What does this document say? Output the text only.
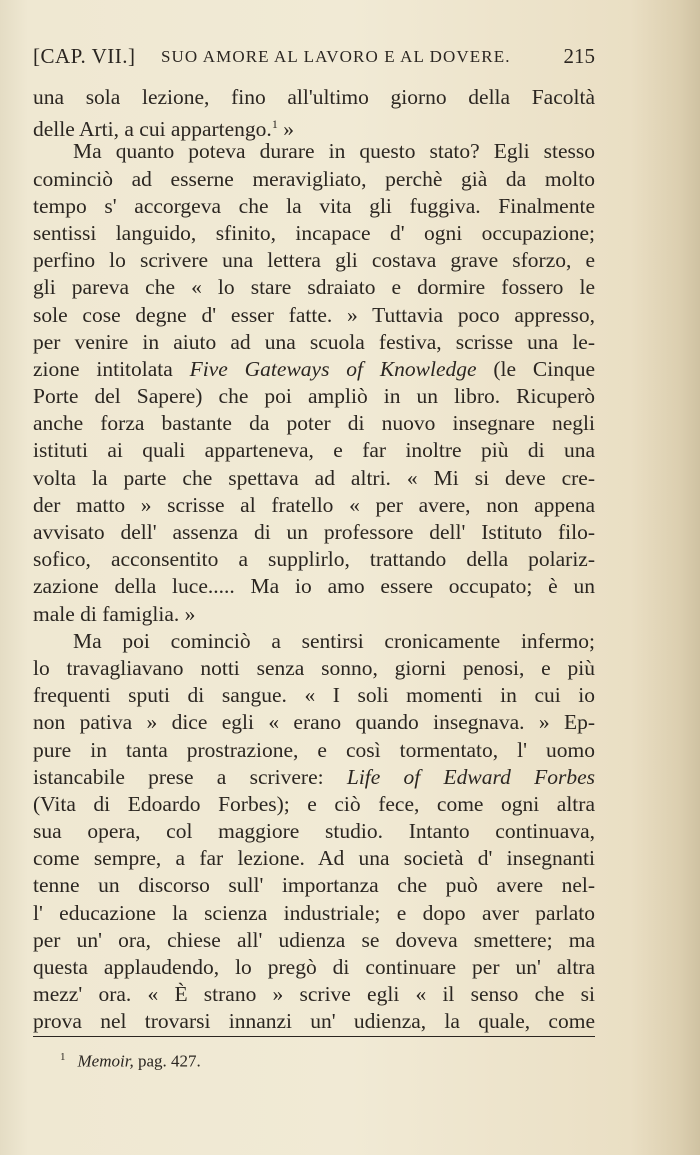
[CAP. VII.] SUO AMORE AL LAVORO E AL DOVERE.	215
una sola lezione, fino all'ultimo giorno della Facoltà
delle Arti, a cui appartengo.$^1$ »
Ma quanto poteva durare in questo stato? Egli stesso
cominciò ad esserne meravigliato, perchè già da molto
tempo s' accorgeva che la vita gli fuggiva. Finalmente
sentissi languido, sfinito, incapace d' ogni occupazione;
perfino lo scrivere una lettera gli costava grave sforzo, e
gli pareva che « lo stare sdraiato e dormire fossero le
sole cose degne d' esser fatte. » Tuttavia poco appresso,
per venire in aiuto ad una scuola festiva, scrisse una le-
zione intitolata Five Gateways of Knowledge (le Cinque
Porte del Sapere) che poi ampliò in un libro. Ricuperò
anche forza bastante da poter di nuovo insegnare negli
istituti ai quali apparteneva, e far inoltre più di una
volta la parte che spettava ad altri. « Mi si deve cre-
der matto » scrisse al fratello « per avere, non appena
avvisato dell' assenza di un professore dell' Istituto filo-
sofico, acconsentito a supplirlo, trattando della polariz-
zazione della luce..... Ma io amo essere occupato; è un
male di famiglia. »
Ma poi cominciò a sentirsi cronicamente infermo;
lo travagliavano notti senza sonno, giorni penosi, e più
frequenti sputi di sangue. « I soli momenti in cui io
non pativa » dice egli « erano quando insegnava. » Ep-
pure in tanta prostrazione, e così tormentato, l' uomo
istancabile prese a scrivere: Life of Edward Forbes
(Vita di Edoardo Forbes); e ciò fece, come ogni altra
sua opera, col maggiore studio. Intanto continuava,
come sempre, a far lezione. Ad una società d' insegnanti
tenne un discorso sull' importanza che può avere nel-
l' educazione la scienza industriale; e dopo aver parlato
per un' ora, chiese all' udienza se doveva smettere; ma
questa applaudendo, lo pregò di continuare per un' altra
mezz' ora. « È strano » scrive egli « il senso che si
prova nel trovarsi innanzi un' udienza, la quale, come
$^1$ Memoir, pag. 427.
